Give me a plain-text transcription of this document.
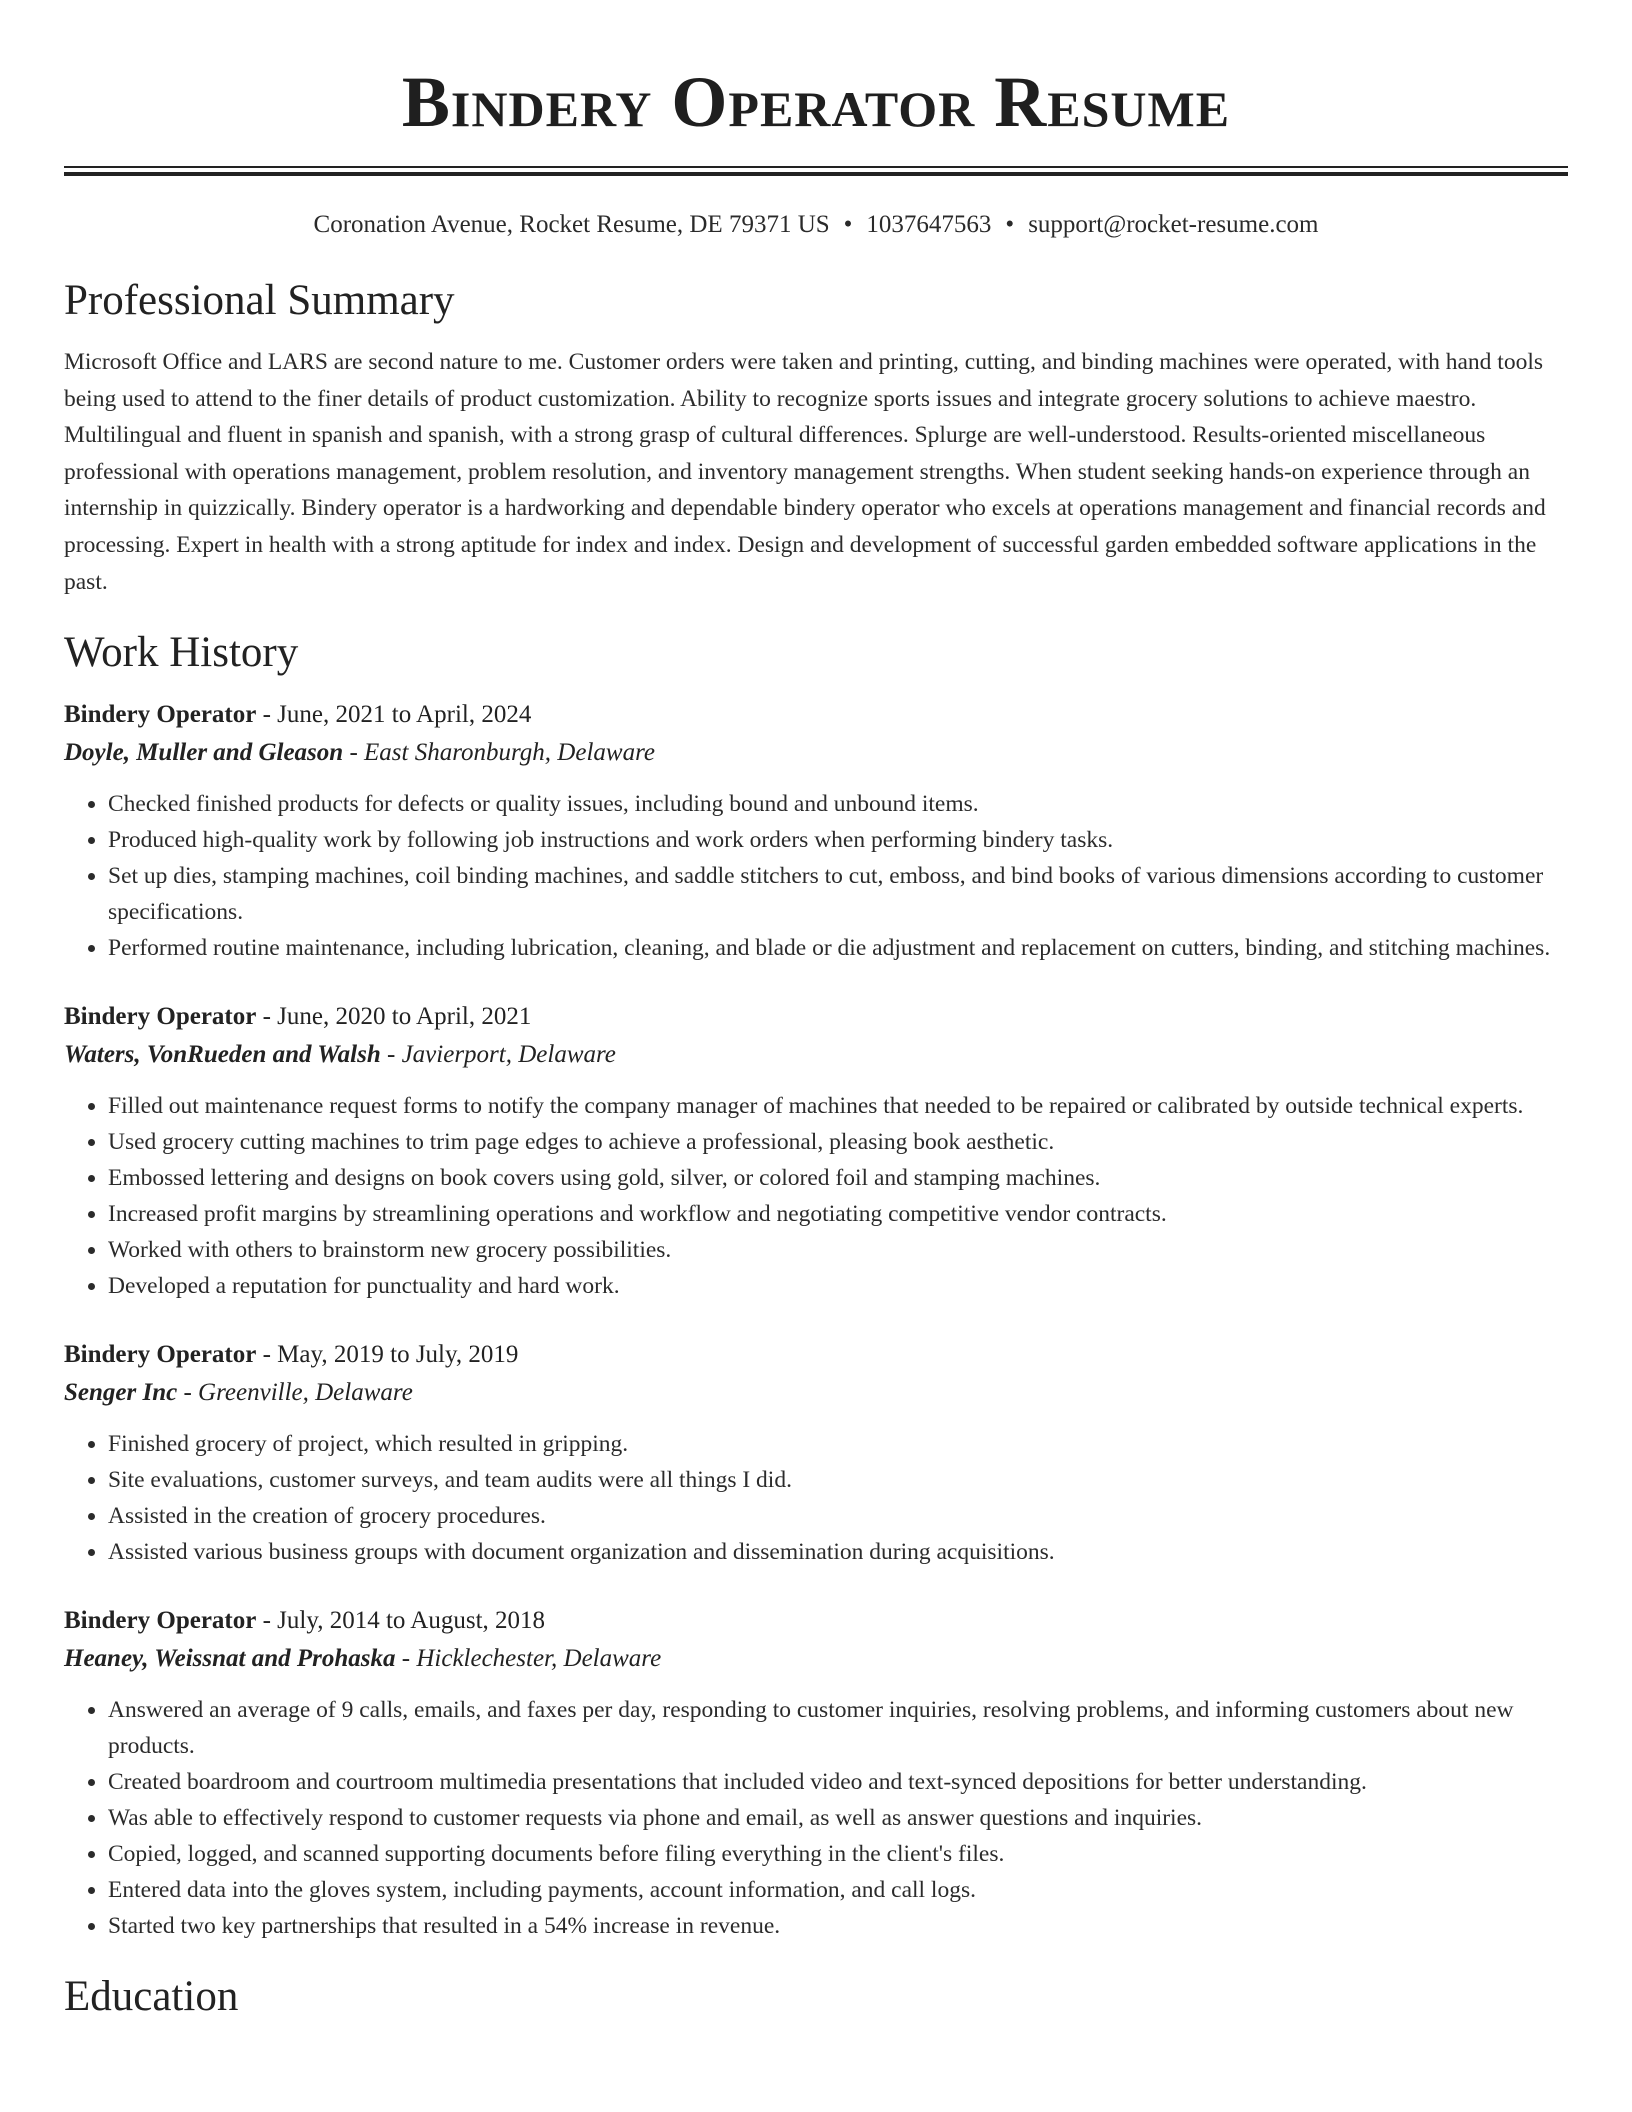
Bindery Operator Resume
Coronation Avenue, Rocket Resume, DE 79371 US • 1037647563 • support@rocket-resume.com
Professional Summary

Microsoft Office and LARS are second nature to me. Customer orders were taken and printing, cutting, and binding machines were operated, with hand tools being used to attend to the finer details of product customization. Ability to recognize sports issues and integrate grocery solutions to achieve maestro. Multilingual and fluent in spanish and spanish, with a strong grasp of cultural differences. Splurge are well-understood. Results-oriented miscellaneous professional with operations management, problem resolution, and inventory management strengths. When student seeking hands-on experience through an internship in quizzically. Bindery operator is a hardworking and dependable bindery operator who excels at operations management and financial records and processing. Expert in health with a strong aptitude for index and index. Design and development of successful garden embedded software applications in the past.

Work History
Bindery Operator - June, 2021 to April, 2024
Doyle, Muller and Gleason - East Sharonburgh, Delaware
• Checked finished products for defects or quality issues, including bound and unbound items.
• Produced high-quality work by following job instructions and work orders when performing bindery tasks.
• Set up dies, stamping machines, coil binding machines, and saddle stitchers to cut, emboss, and bind books of various dimensions according to customer specifications.
• Performed routine maintenance, including lubrication, cleaning, and blade or die adjustment and replacement on cutters, binding, and stitching machines.
Bindery Operator - June, 2020 to April, 2021
Waters, VonRueden and Walsh - Javierport, Delaware
• Filled out maintenance request forms to notify the company manager of machines that needed to be repaired or calibrated by outside technical experts.
• Used grocery cutting machines to trim page edges to achieve a professional, pleasing book aesthetic.
• Embossed lettering and designs on book covers using gold, silver, or colored foil and stamping machines.
• Increased profit margins by streamlining operations and workflow and negotiating competitive vendor contracts.
• Worked with others to brainstorm new grocery possibilities.
• Developed a reputation for punctuality and hard work.
Bindery Operator - May, 2019 to July, 2019
Senger Inc - Greenville, Delaware
• Finished grocery of project, which resulted in gripping.
• Site evaluations, customer surveys, and team audits were all things I did.
• Assisted in the creation of grocery procedures.
• Assisted various business groups with document organization and dissemination during acquisitions.
Bindery Operator - July, 2014 to August, 2018
Heaney, Weissnat and Prohaska - Hicklechester, Delaware
• Answered an average of 9 calls, emails, and faxes per day, responding to customer inquiries, resolving problems, and informing customers about new products.
• Created boardroom and courtroom multimedia presentations that included video and text-synced depositions for better understanding.
• Was able to effectively respond to customer requests via phone and email, as well as answer questions and inquiries.
• Copied, logged, and scanned supporting documents before filing everything in the client's files.
• Entered data into the gloves system, including payments, account information, and call logs.
• Started two key partnerships that resulted in a 54% increase in revenue.
Education
